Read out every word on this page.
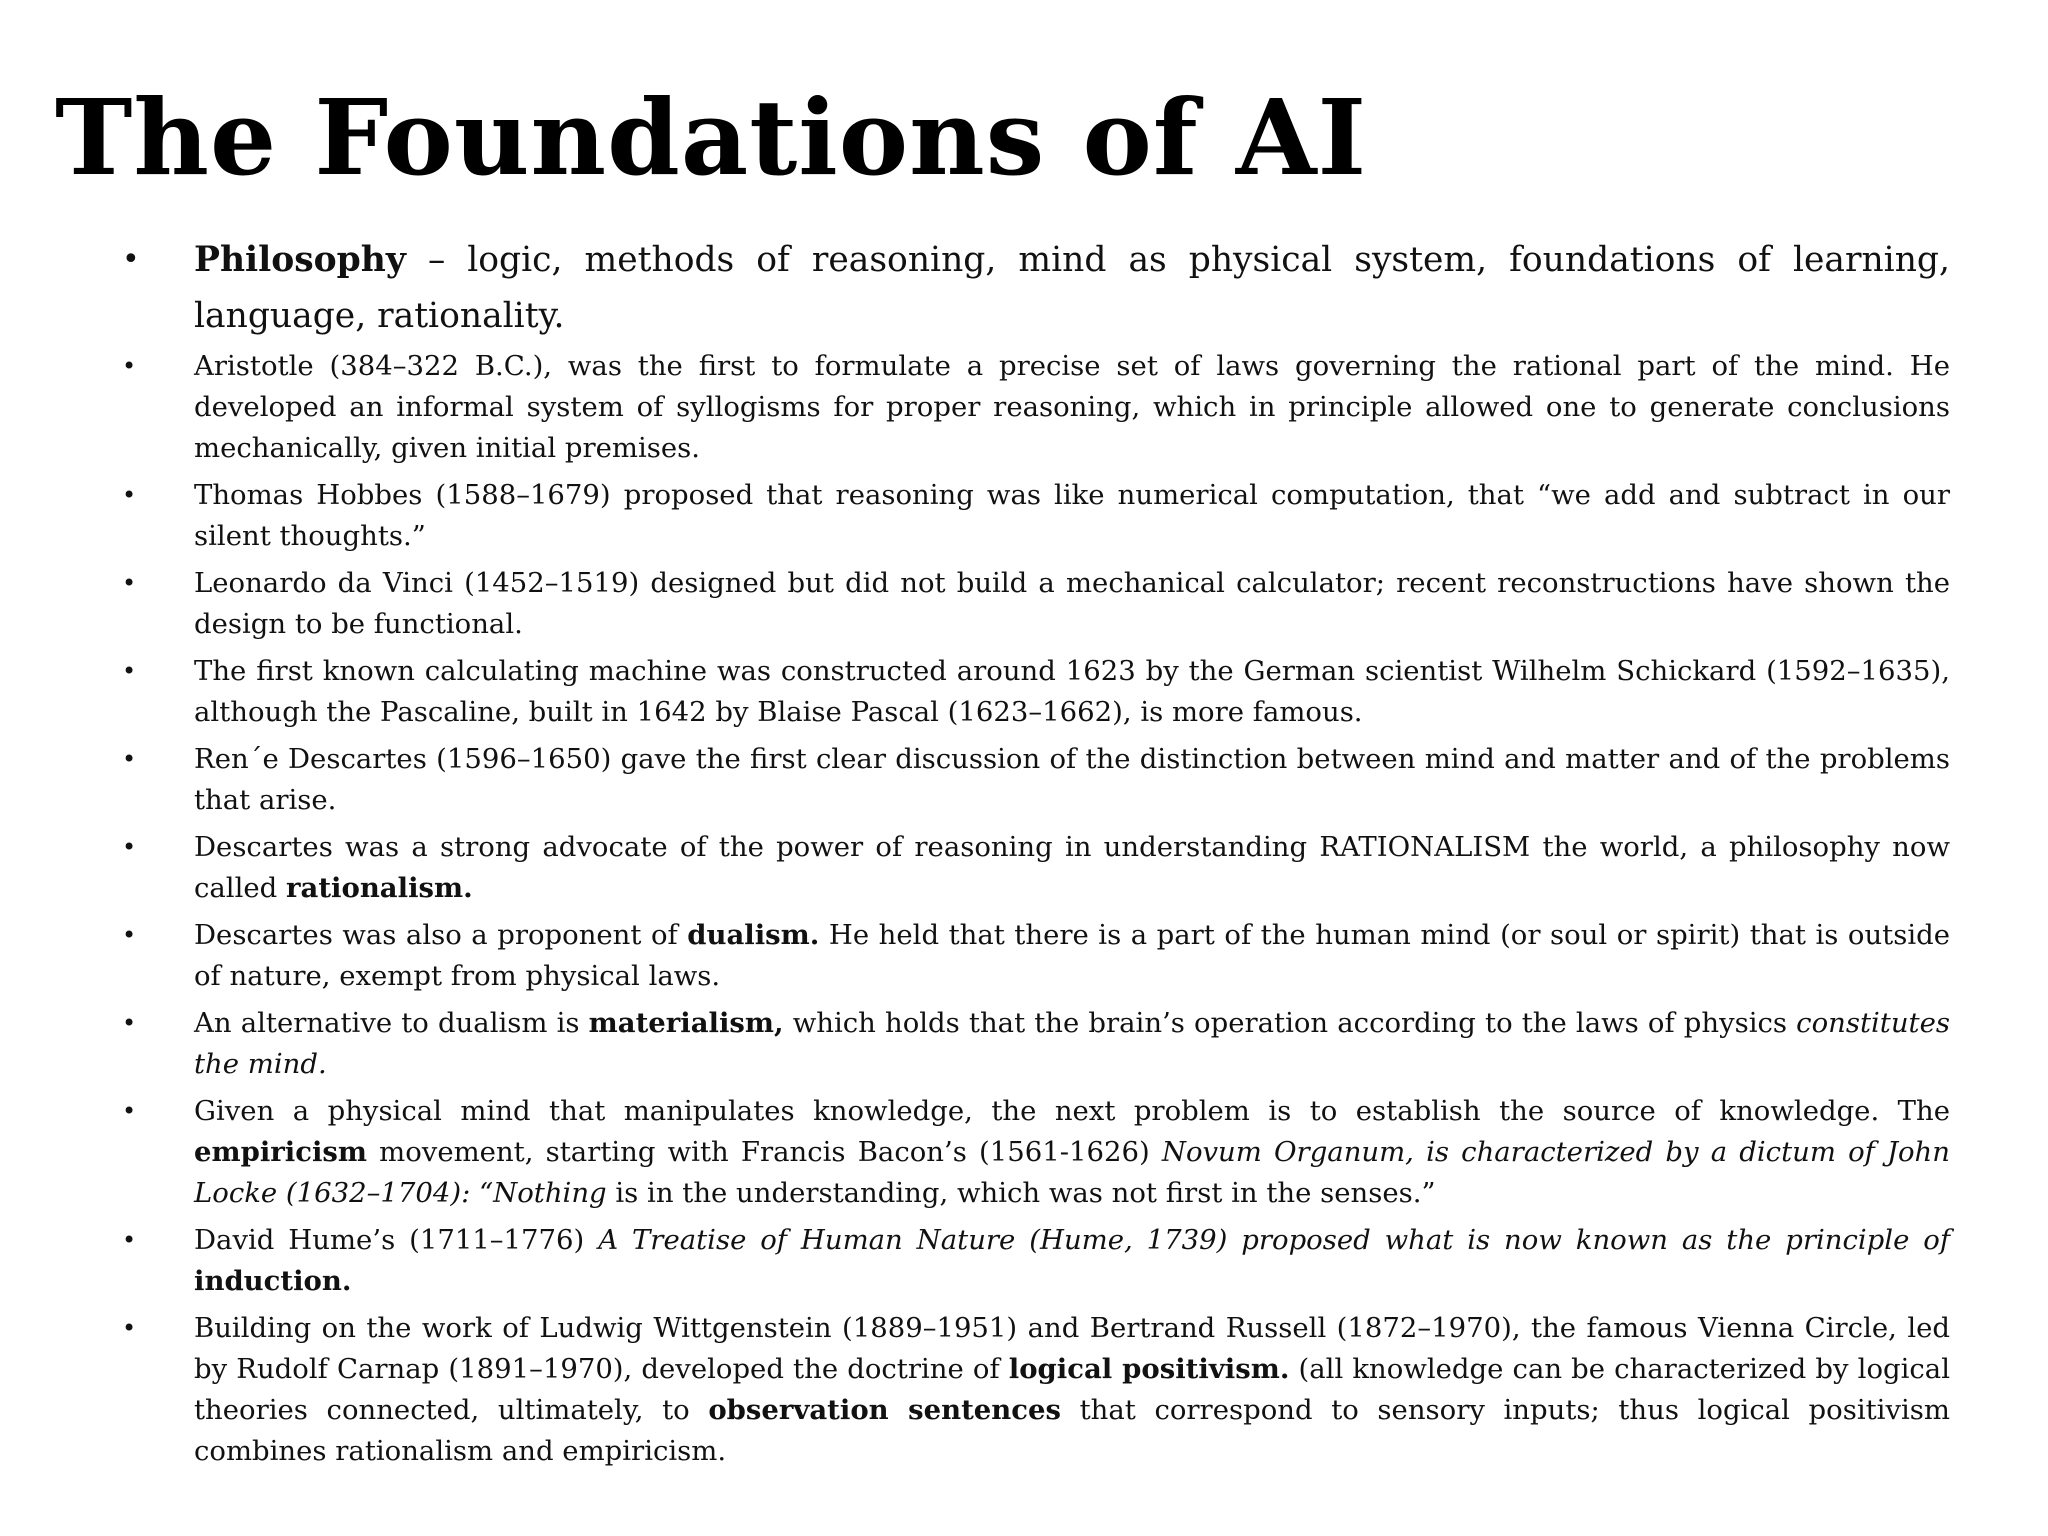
The Foundations of AI
• Philosophy – logic, methods of reasoning, mind as physical system, foundations of learning, language, rationality.
• Aristotle (384–322 B.C.), was the first to formulate a precise set of laws governing the rational part of the mind. He developed an informal system of syllogisms for proper reasoning, which in principle allowed one to generate conclusions mechanically, given initial premises.
• Thomas Hobbes (1588–1679) proposed that reasoning was like numerical computation, that “we add and subtract in our silent thoughts.”
• Leonardo da Vinci (1452–1519) designed but did not build a mechanical calculator; recent reconstructions have shown the design to be functional.
• The first known calculating machine was constructed around 1623 by the German scientist Wilhelm Schickard (1592–1635), although the Pascaline, built in 1642 by Blaise Pascal (1623–1662), is more famous.
• Ren´e Descartes (1596–1650) gave the first clear discussion of the distinction between mind and matter and of the problems that arise.
• Descartes was a strong advocate of the power of reasoning in understanding RATIONALISM the world, a philosophy now called rationalism.
• Descartes was also a proponent of dualism. He held that there is a part of the human mind (or soul or spirit) that is outside of nature, exempt from physical laws.
• An alternative to dualism is materialism, which holds that the brain’s operation according to the laws of physics constitutes the mind.
• Given a physical mind that manipulates knowledge, the next problem is to establish the source of knowledge. The empiricism movement, starting with Francis Bacon’s (1561-1626) Novum Organum, is characterized by a dictum of John Locke (1632–1704): “Nothing is in the understanding, which was not first in the senses.”
• David Hume’s (1711–1776) A Treatise of Human Nature (Hume, 1739) proposed what is now known as the principle of induction.
• Building on the work of Ludwig Wittgenstein (1889–1951) and Bertrand Russell (1872–1970), the famous Vienna Circle, led by Rudolf Carnap (1891–1970), developed the doctrine of logical positivism. (all knowledge can be characterized by logical theories connected, ultimately, to observation sentences that correspond to sensory inputs; thus logical positivism combines rationalism and empiricism.
